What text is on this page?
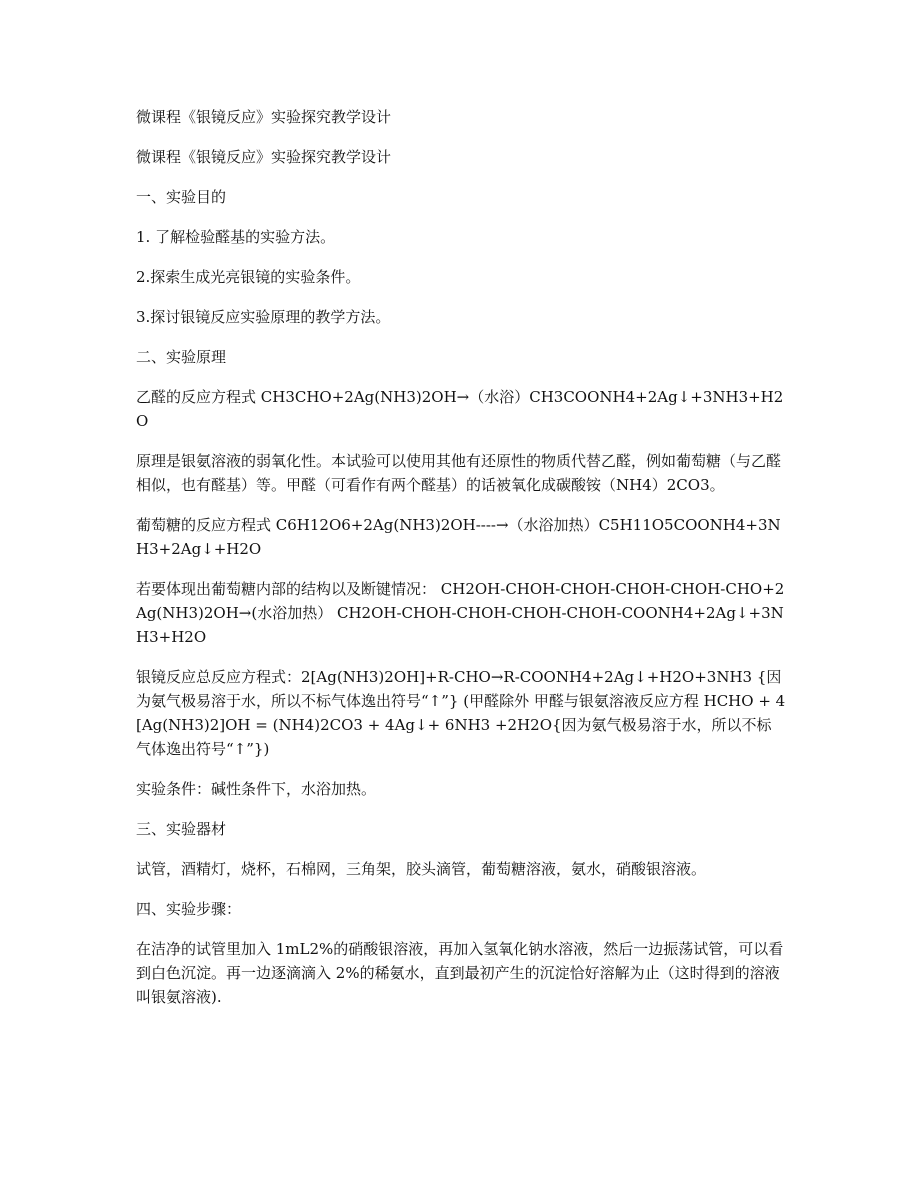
微课程《银镜反应》实验探究教学设计

微课程《银镜反应》实验探究教学设计

一、实验目的

1. 了解检验醛基的实验方法。

2.探索生成光亮银镜的实验条件。

3.探讨银镜反应实验原理的教学方法。

二、实验原理

乙醛的反应方程式 CH3CHO+2Ag(NH3)2OH→（水浴）CH3COONH4+2Ag↓+3NH3+H2O

原理是银氨溶液的弱氧化性。本试验可以使用其他有还原性的物质代替乙醛，例如葡萄糖（与乙醛相似，也有醛基）等。甲醛（可看作有两个醛基）的话被氧化成碳酸铵（NH4）2CO3。

葡萄糖的反应方程式 C6H12O6+2Ag(NH3)2OH----→（水浴加热）C5H11O5COONH4+3NH3+2Ag↓+H2O

若要体现出葡萄糖内部的结构以及断键情况： CH2OH-CHOH-CHOH-CHOH-CHOH-CHO+2Ag(NH3)2OH→(水浴加热） CH2OH-CHOH-CHOH-CHOH-CHOH-COONH4+2Ag↓+3NH3+H2O

银镜反应总反应方程式：2[Ag(NH3)2OH]+R-CHO→R-COONH4+2Ag↓+H2O+3NH3 {因为氨气极易溶于水，所以不标气体逸出符号“↑”} (甲醛除外 甲醛与银氨溶液反应方程 HCHO + 4[Ag(NH3)2]OH = (NH4)2CO3 + 4Ag↓+ 6NH3 +2H2O{因为氨气极易溶于水，所以不标气体逸出符号“↑”})

实验条件：碱性条件下，水浴加热。

三、实验器材

试管，酒精灯，烧杯，石棉网，三角架，胶头滴管，葡萄糖溶液，氨水，硝酸银溶液。

四、实验步骤：

在洁净的试管里加入 1mL2%的硝酸银溶液，再加入氢氧化钠水溶液，然后一边振荡试管，可以看到白色沉淀。再一边逐滴滴入 2%的稀氨水，直到最初产生的沉淀恰好溶解为止（这时得到的溶液叫银氨溶液).
